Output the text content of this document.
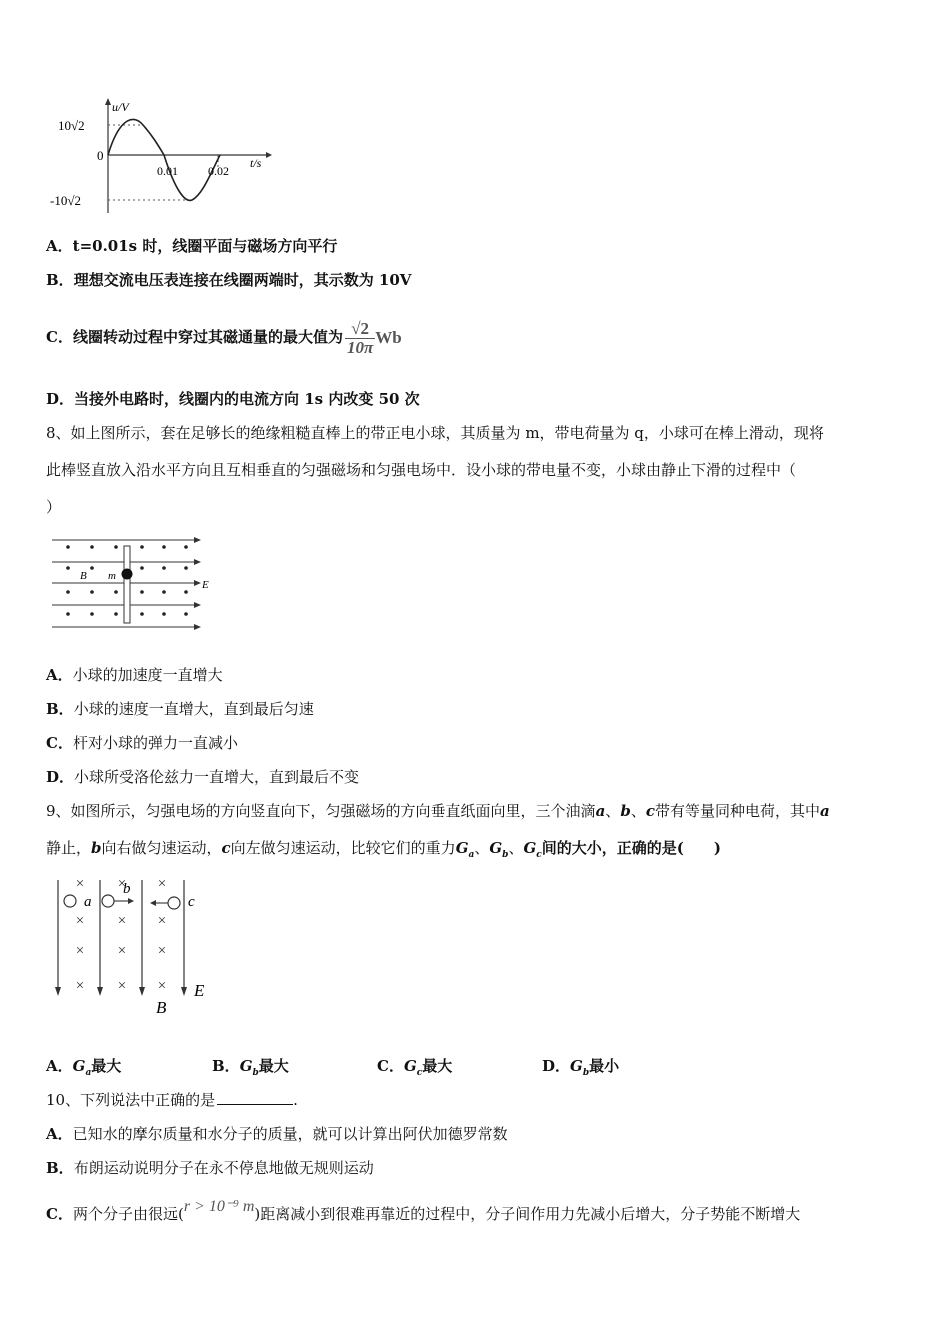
u/V
t/s
10√2
-10√2
0
0.01	0.02
A．t=0.01s 时，线圈平面与磁场方向平行
B．理想交流电压表连接在线圈两端时，其示数为 10V
C．线圈转动过程中穿过其磁通量的最大值为 $\frac{√2}{10\pi}$ Wb
D．当接外电路时，线圈内的电流方向 1s 内改变 50 次
8、如上图所示，套在足够长的绝缘粗糙直棒上的带正电小球，其质量为 m，带电荷量为 q，小球可在棒上滑动，现将
此棒竖直放入沿水平方向且互相垂直的匀强磁场和匀强电场中．设小球的带电量不变，小球由静止下滑的过程中（
）
B m
E
A．小球的加速度一直增大
B．小球的速度一直增大，直到最后匀速
C．杆对小球的弹力一直减小
D．小球所受洛伦兹力一直增大，直到最后不变
9、如图所示，匀强电场的方向竖直向下，匀强磁场的方向垂直纸面向里，三个油滴a、b、c带有等量同种电荷，其中a
静止，b向右做匀速运动，c向左做匀速运动，比较它们的重力$G_a$、$G_b$、$G_c$间的大小，正确的是(　　)
× × ×
× ×
×
× × ×
× × ×
a
b
c
B
E
A．$G_a$最大	B．$G_b$最大	C．$G_c$最大	D．$G_b$最小
10、下列说法中正确的是	.
A．已知水的摩尔质量和水分子的质量，就可以计算出阿伏加德罗常数
B．布朗运动说明分子在永不停息地做无规则运动
C．两个分子由很远(r > 10⁻⁹ m)距离减小到很难再靠近的过程中，分子间作用力先减小后增大，分子势能不断增大
